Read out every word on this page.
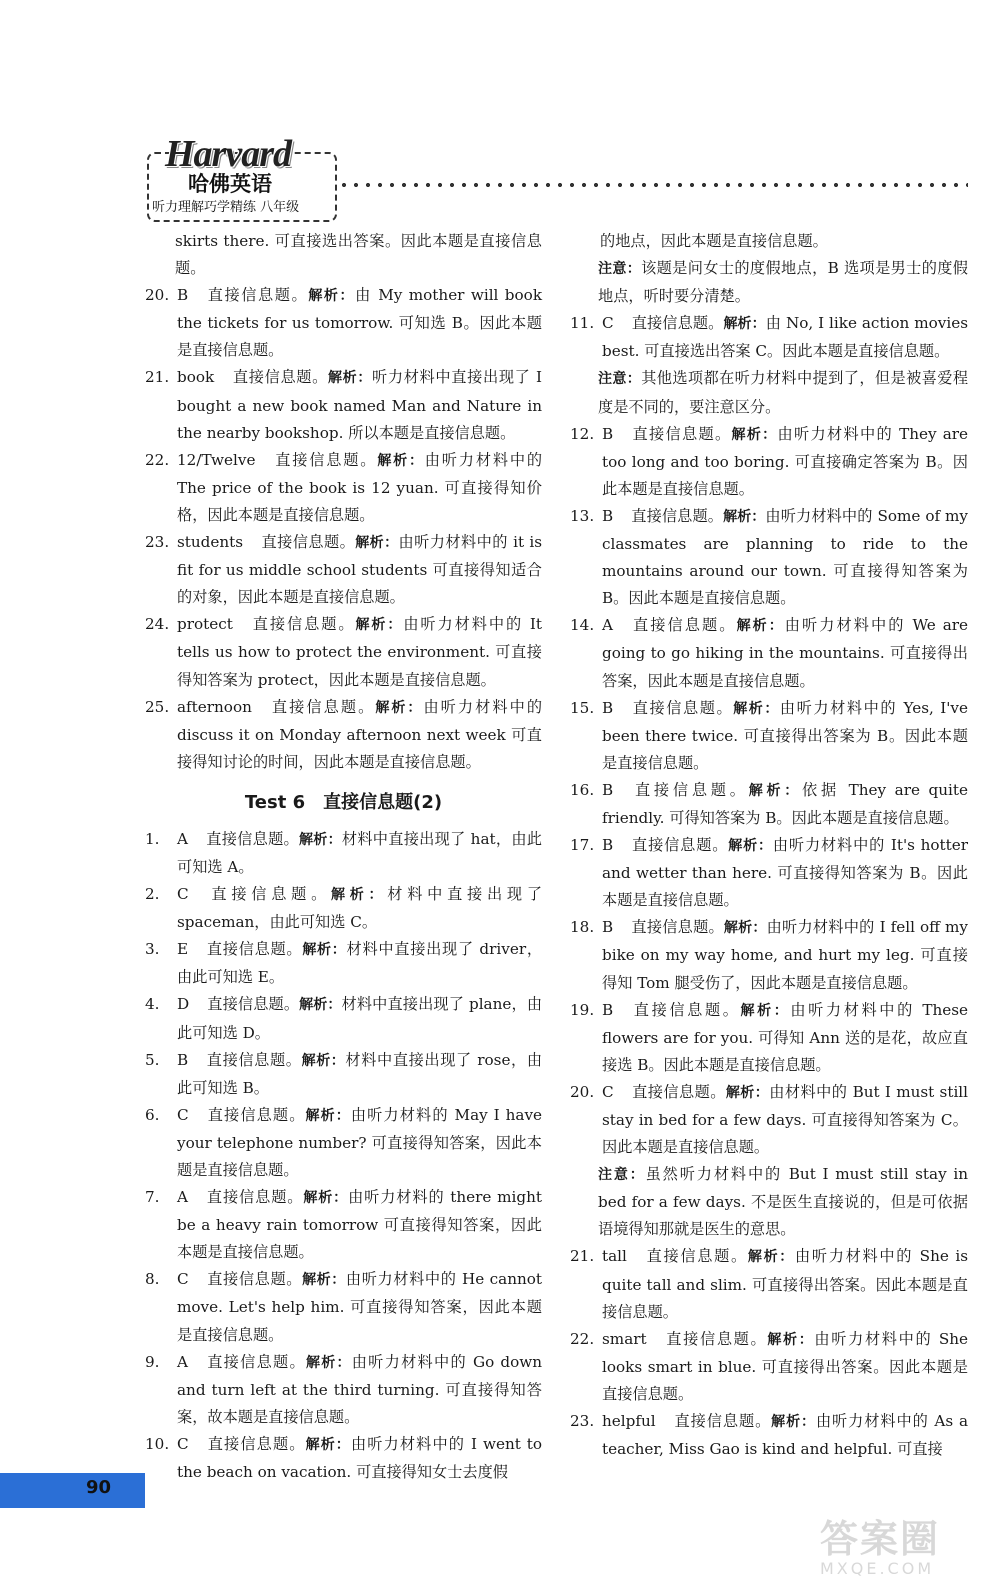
Harvard
哈佛英语
听力理解巧学精练 八年级
skirts there. 可直接选出答案。因此本题是直接信息题。
20. B 直接信息题。解析：由 My mother will book the tickets for us tomorrow. 可知选 B。因此本题是直接信息题。
21. book 直接信息题。解析：听力材料中直接出现了 I bought a new book named Man and Nature in the nearby bookshop. 所以本题是直接信息题。
22. 12/Twelve 直接信息题。解析：由听力材料中的 The price of the book is 12 yuan. 可直接得知价格，因此本题是直接信息题。
23. students 直接信息题。解析：由听力材料中的 it is fit for us middle school students 可直接得知适合的对象，因此本题是直接信息题。
24. protect 直接信息题。解析：由听力材料中的 It tells us how to protect the environment. 可直接得知答案为 protect，因此本题是直接信息题。
25. afternoon 直接信息题。解析：由听力材料中的 discuss it on Monday afternoon next week 可直接得知讨论的时间，因此本题是直接信息题。
Test 6　直接信息题(2)
1. A 直接信息题。解析：材料中直接出现了 hat，由此可知选 A。
2. C 直接信息题。解析：材料中直接出现了 spaceman，由此可知选 C。
3. E 直接信息题。解析：材料中直接出现了 driver，由此可知选 E。
4. D 直接信息题。解析：材料中直接出现了 plane，由此可知选 D。
5. B 直接信息题。解析：材料中直接出现了 rose，由此可知选 B。
6. C 直接信息题。解析：由听力材料的 May I have your telephone number? 可直接得知答案，因此本题是直接信息题。
7. A 直接信息题。解析：由听力材料的 there might be a heavy rain tomorrow 可直接得知答案，因此本题是直接信息题。
8. C 直接信息题。解析：由听力材料中的 He cannot move. Let's help him. 可直接得知答案，因此本题是直接信息题。
9. A 直接信息题。解析：由听力材料中的 Go down and turn left at the third turning. 可直接得知答案，故本题是直接信息题。
10. C 直接信息题。解析：由听力材料中的 I went to the beach on vacation. 可直接得知女士去度假
的地点，因此本题是直接信息题。
注意：该题是问女士的度假地点，B 选项是男士的度假地点，听时要分清楚。
11. C 直接信息题。解析：由 No, I like action movies best. 可直接选出答案 C。因此本题是直接信息题。
注意：其他选项都在听力材料中提到了，但是被喜爱程度是不同的，要注意区分。
12. B 直接信息题。解析：由听力材料中的 They are too long and too boring. 可直接确定答案为 B。因此本题是直接信息题。
13. B 直接信息题。解析：由听力材料中的 Some of my classmates are planning to ride to the mountains around our town. 可直接得知答案为 B。因此本题是直接信息题。
14. A 直接信息题。解析：由听力材料中的 We are going to go hiking in the mountains. 可直接得出答案，因此本题是直接信息题。
15. B 直接信息题。解析：由听力材料中的 Yes, I've been there twice. 可直接得出答案为 B。因此本题是直接信息题。
16. B 直接信息题。解析：依据 They are quite friendly. 可得知答案为 B。因此本题是直接信息题。
17. B 直接信息题。解析：由听力材料中的 It's hotter and wetter than here. 可直接得知答案为 B。因此本题是直接信息题。
18. B 直接信息题。解析：由听力材料中的 I fell off my bike on my way home, and hurt my leg. 可直接得知 Tom 腿受伤了，因此本题是直接信息题。
19. B 直接信息题。解析：由听力材料中的 These flowers are for you. 可得知 Ann 送的是花，故应直接选 B。因此本题是直接信息题。
20. C 直接信息题。解析：由材料中的 But I must still stay in bed for a few days. 可直接得知答案为 C。因此本题是直接信息题。
注意：虽然听力材料中的 But I must still stay in bed for a few days. 不是医生直接说的，但是可依据语境得知那就是医生的意思。
21. tall 直接信息题。解析：由听力材料中的 She is quite tall and slim. 可直接得出答案。因此本题是直接信息题。
22. smart 直接信息题。解析：由听力材料中的 She looks smart in blue. 可直接得出答案。因此本题是直接信息题。
23. helpful 直接信息题。解析：由听力材料中的 As a teacher, Miss Gao is kind and helpful. 可直接
90
答案圈
MXQE.COM
